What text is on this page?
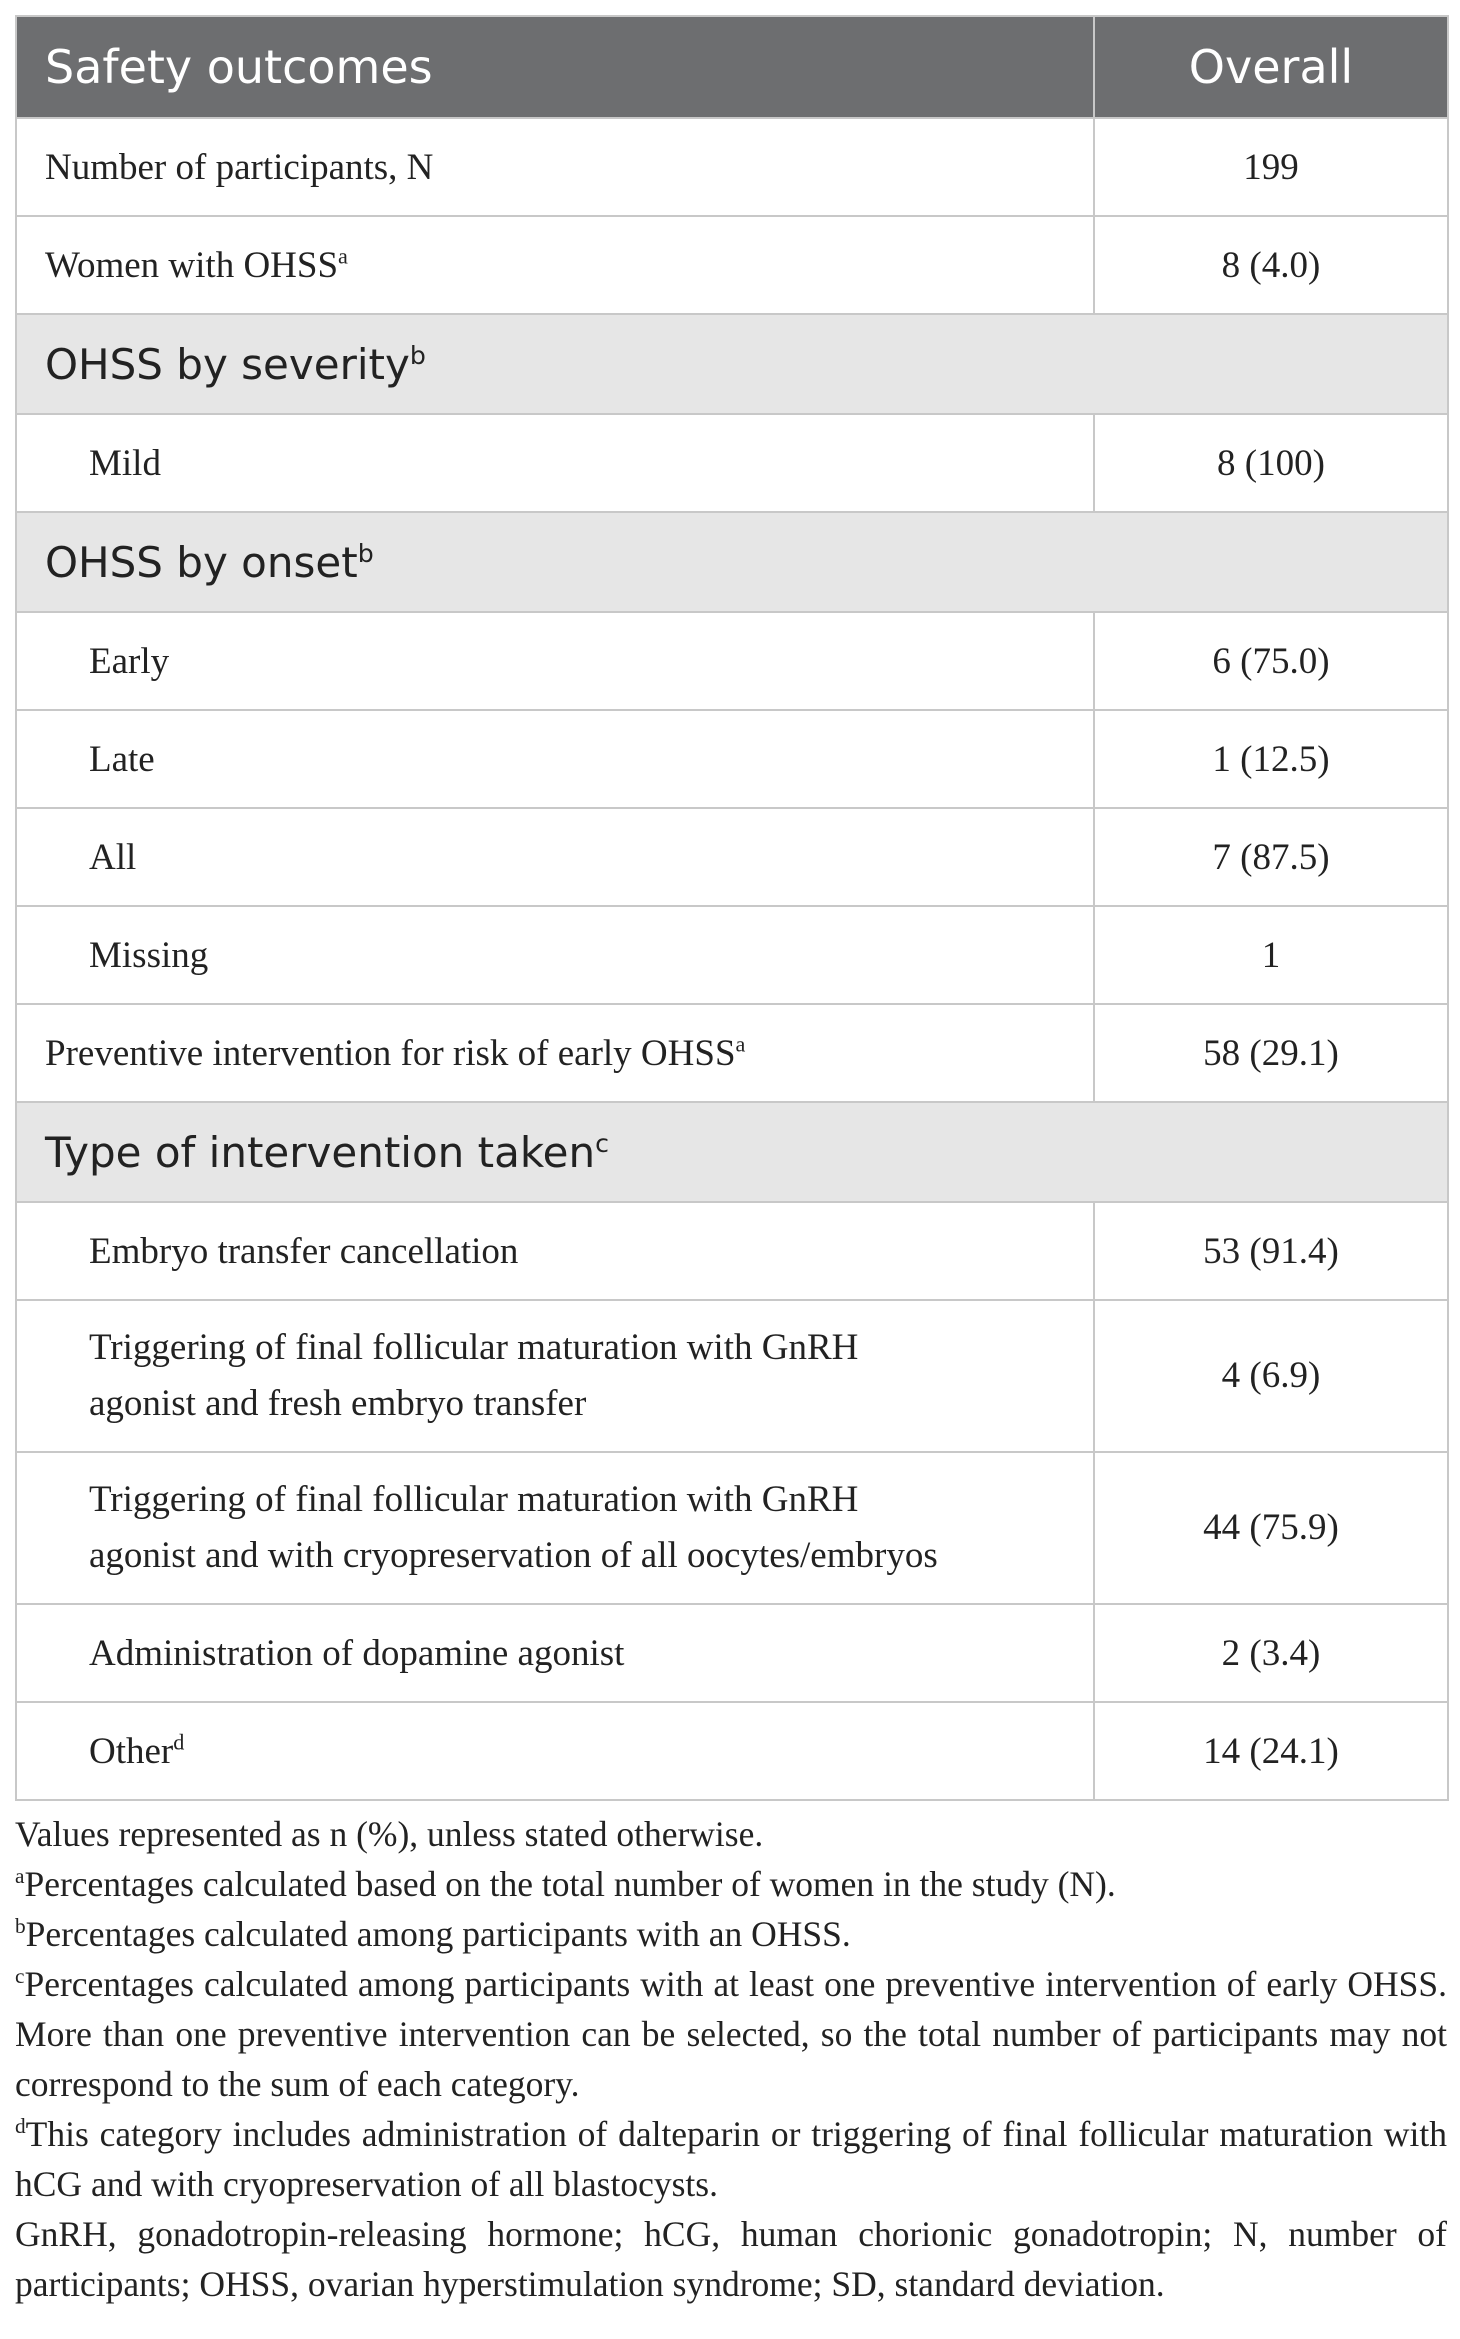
Safety outcomes	Overall
Number of participants, N	199
Women with OHSS$^a$	8 (4.0)
OHSS by severity$^b$
Mild	8 (100)
OHSS by onset$^b$
Early	6 (75.0)
Late	1 (12.5)
All	7 (87.5)
Missing	1
Preventive intervention for risk of early OHSS$^a$	58 (29.1)
Type of intervention taken$^c$
Embryo transfer cancellation	53 (91.4)
Triggering of final follicular maturation with GnRH
agonist and fresh embryo transfer	4 (6.9)
Triggering of final follicular maturation with GnRH
agonist and with cryopreservation of all oocytes/embryos	44 (75.9)
Administration of dopamine agonist	2 (3.4)
Other$^d$	14 (24.1)

Values represented as n (%), unless stated otherwise.

$^a$Percentages calculated based on the total number of women in the study (N).

$^b$Percentages calculated among participants with an OHSS.

$^c$Percentages calculated among participants with at least one preventive intervention of early OHSS. More than one preventive intervention can be selected, so the total number of participants may not correspond to the sum of each category.

$^d$This category includes administration of dalteparin or triggering of final follicular maturation with hCG and with cryopreservation of all blastocysts.

GnRH, gonadotropin-releasing hormone; hCG, human chorionic gonadotropin; N, number of participants; OHSS, ovarian hyperstimulation syndrome; SD, standard deviation.
